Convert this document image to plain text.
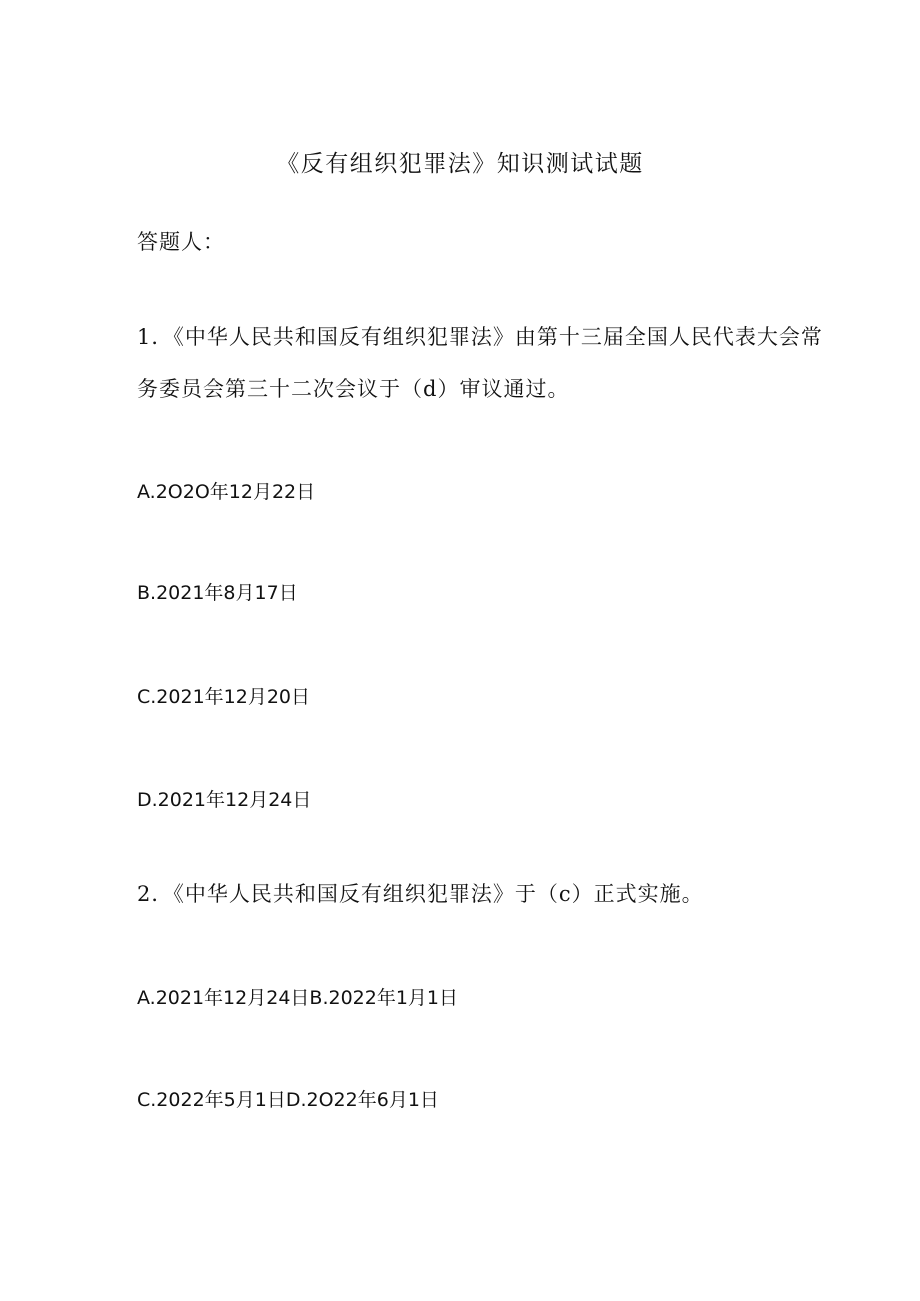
《反有组织犯罪法》知识测试试题
答题人：
1．《中华人民共和国反有组织犯罪法》由第十三届全国人民代表大会常
务委员会第三十二次会议于（d）审议通过。
A.2O2O年12月22日
B.2021年8月17日
C.2021年12月20日
D.2021年12月24日
2．《中华人民共和国反有组织犯罪法》于（c）正式实施。
A.2021年12月24日B.2022年1月1日
C.2022年5月1日D.2O22年6月1日
